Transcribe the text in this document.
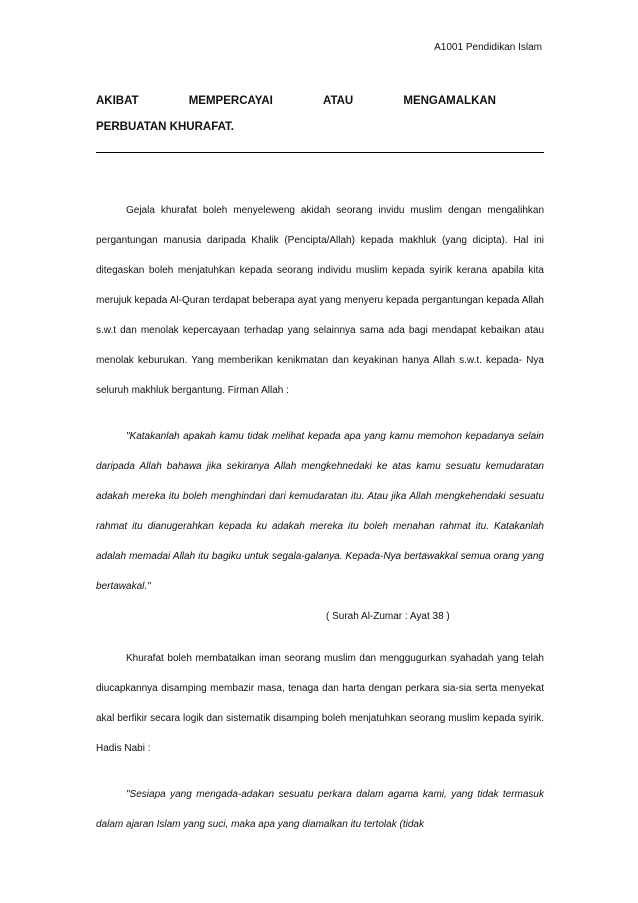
A1001 Pendidikan Islam
AKIBAT	MEMPERCAYAI	ATAU	MENGAMALKAN
PERBUATAN KHURAFAT.

Gejala khurafat boleh menyeleweng akidah seorang invidu muslim dengan mengalihkan pergantungan manusia daripada Khalik (Pencipta/Allah) kepada makhluk (yang dicipta). Hal ini ditegaskan boleh menjatuhkan kepada seorang individu muslim kepada syirik kerana apabila kita merujuk kepada Al-Quran terdapat beberapa ayat yang menyeru kepada pergantungan kepada Allah s.w.t dan menolak kepercayaan terhadap yang selainnya sama ada bagi mendapat kebaikan atau menolak keburukan. Yang memberikan kenikmatan dan keyakinan hanya Allah s.w.t. kepada- Nya seluruh makhluk bergantung. Firman Allah :

"Katakanlah apakah kamu tidak melihat kepada apa yang kamu memohon kepadanya selain daripada Allah bahawa jika sekiranya Allah mengkehnedaki ke atas kamu sesuatu kemudaratan adakah mereka itu boleh menghindari dari kemudaratan itu. Atau jika Allah mengkehendaki sesuatu rahmat itu dianugerahkan kepada ku adakah mereka itu boleh menahan rahmat itu. Katakanlah adalah memadai Allah itu bagiku untuk segala-galanya. Kepada-Nya bertawakkal semua orang yang bertawakal."

( Surah Al-Zumar : Ayat 38 )

Khurafat boleh membatalkan iman seorang muslim dan menggugurkan syahadah yang telah diucapkannya disamping membazir masa, tenaga dan harta dengan perkara sia-sia serta menyekat akal berfikir secara logik dan sistematik disamping boleh menjatuhkan seorang muslim kepada syirik. Hadis Nabi :

"Sesiapa yang mengada-adakan sesuatu perkara dalam agama kami, yang tidak termasuk dalam ajaran Islam yang suci, maka apa yang diamalkan itu tertolak (tidak
